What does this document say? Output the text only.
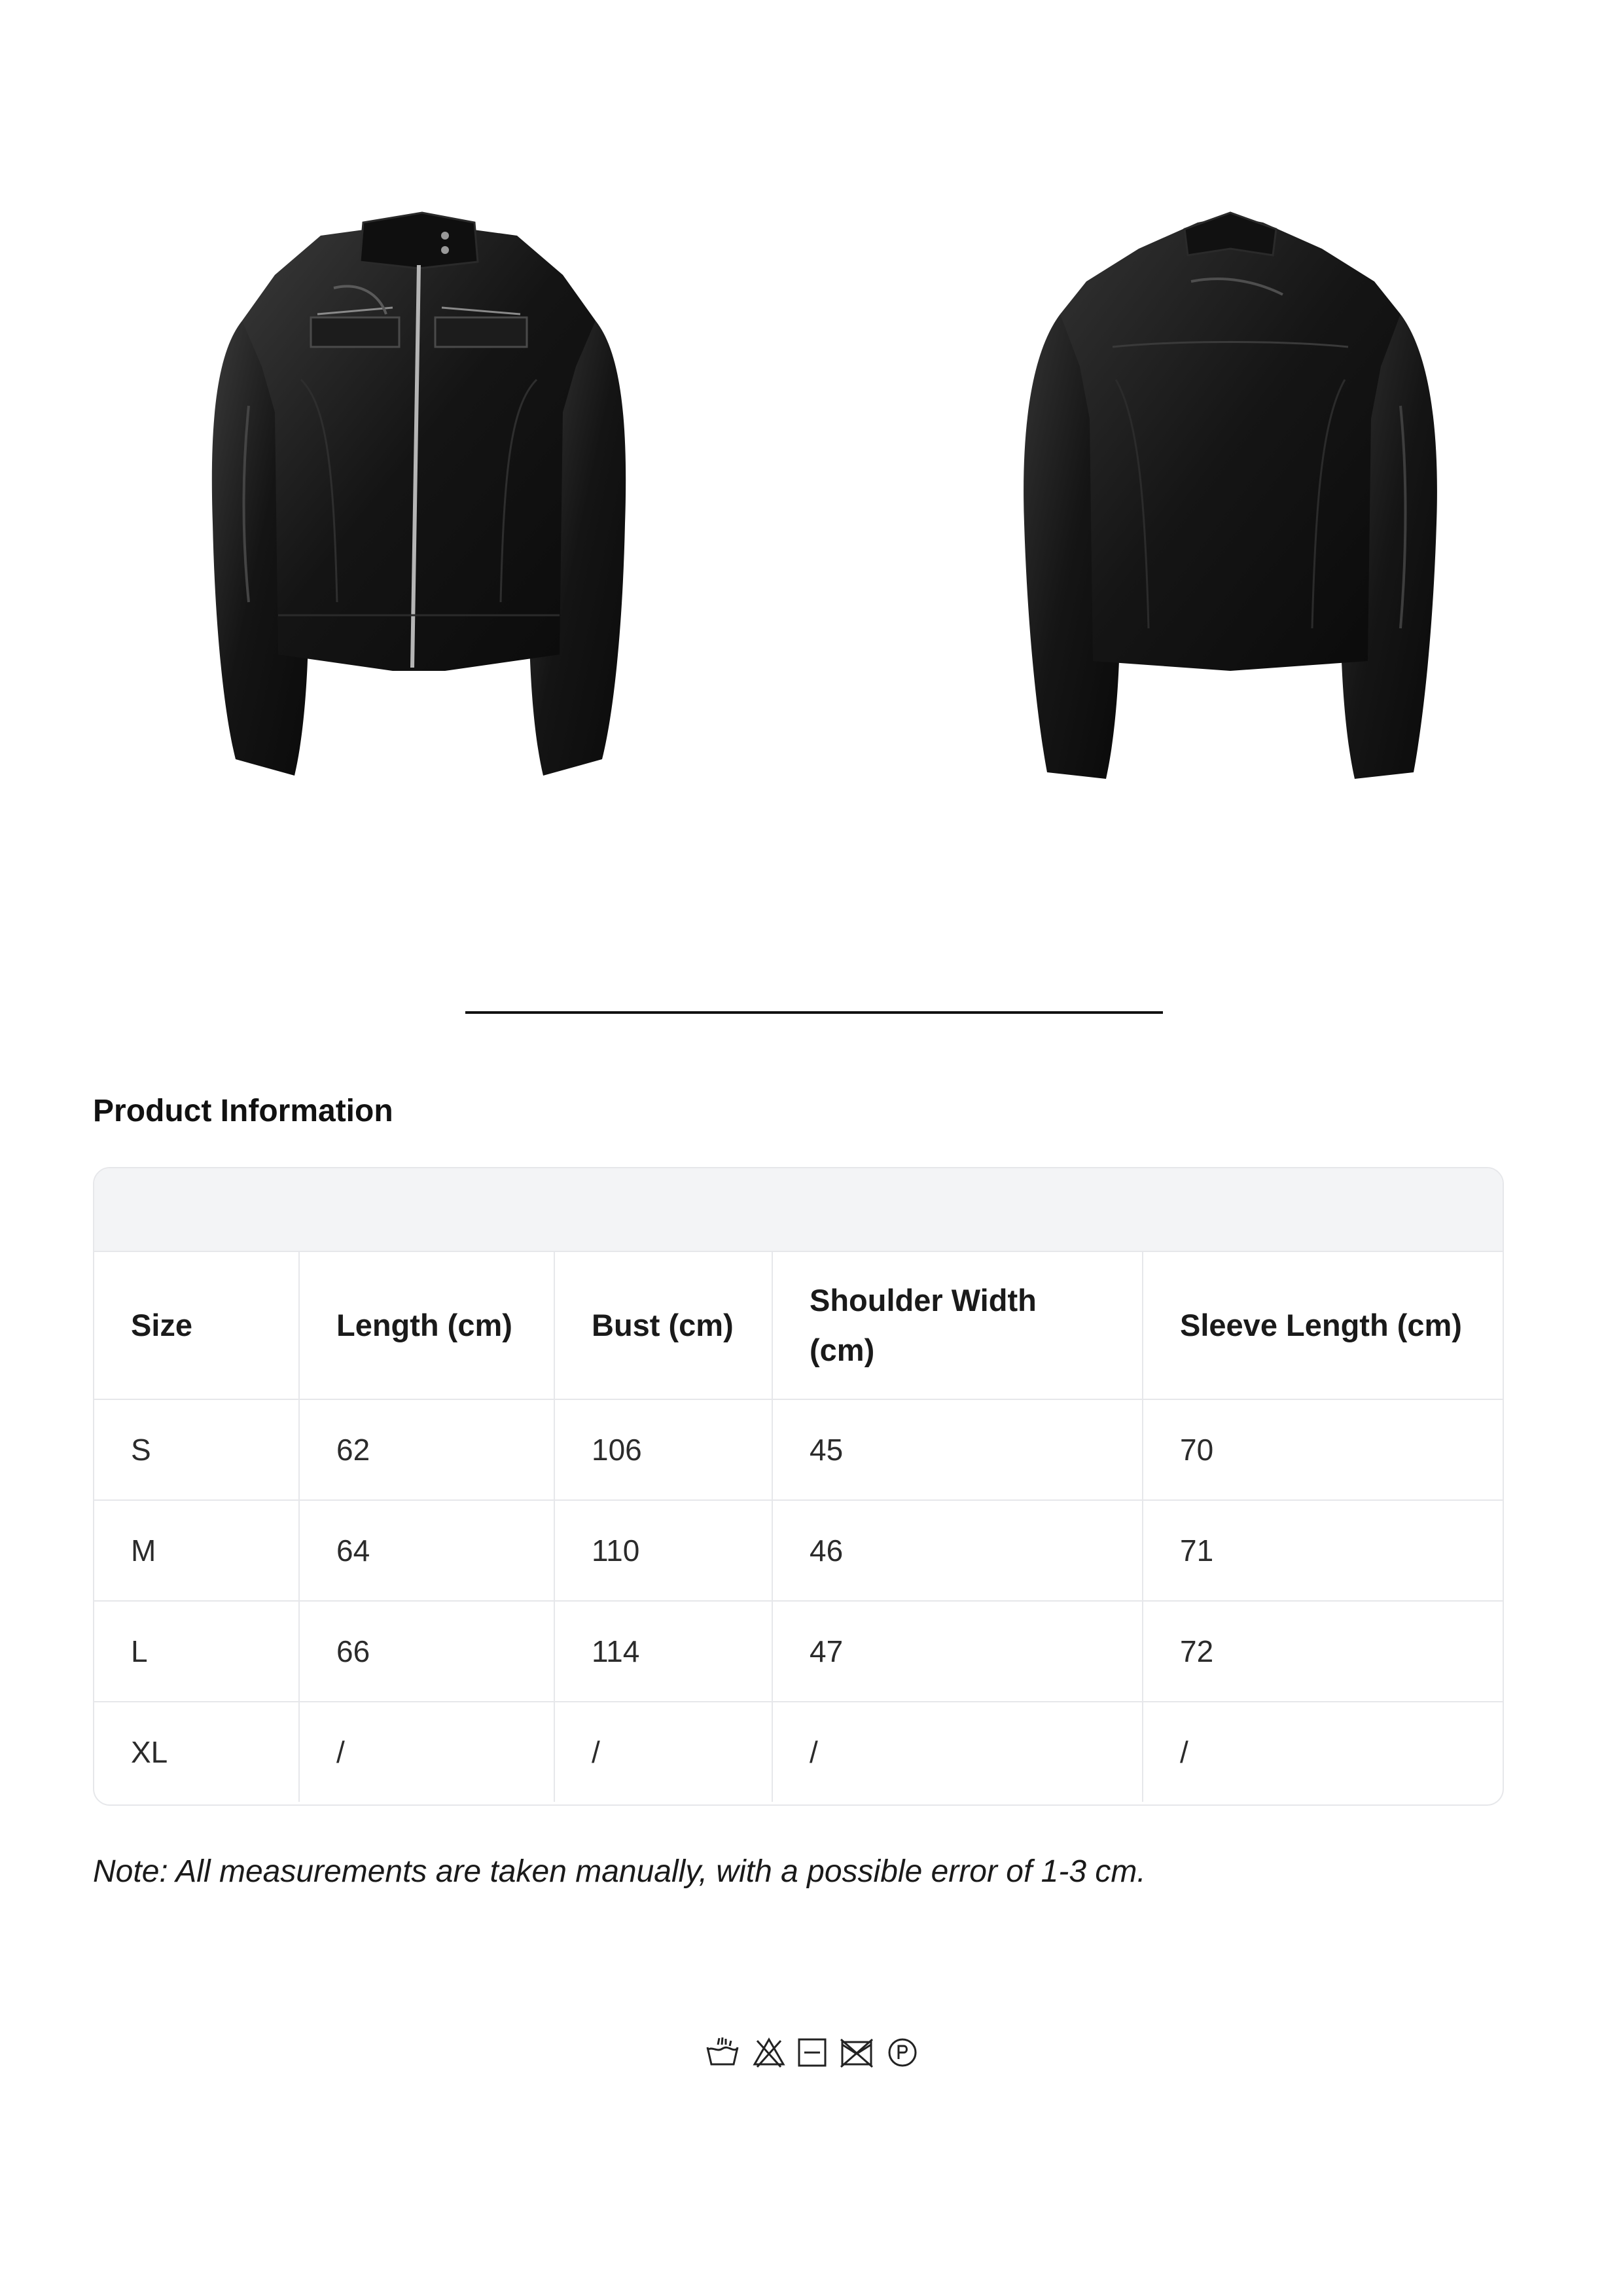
Product Information
Size	Length (cm)	Bust (cm)	Shoulder Width (cm)	Sleeve Length (cm)
S	62	106	45	70
M	64	110	46	71
L	66	114	47	72
XL	/	/	/	/
Note: All measurements are taken manually, with a possible error of 1-3 cm.
